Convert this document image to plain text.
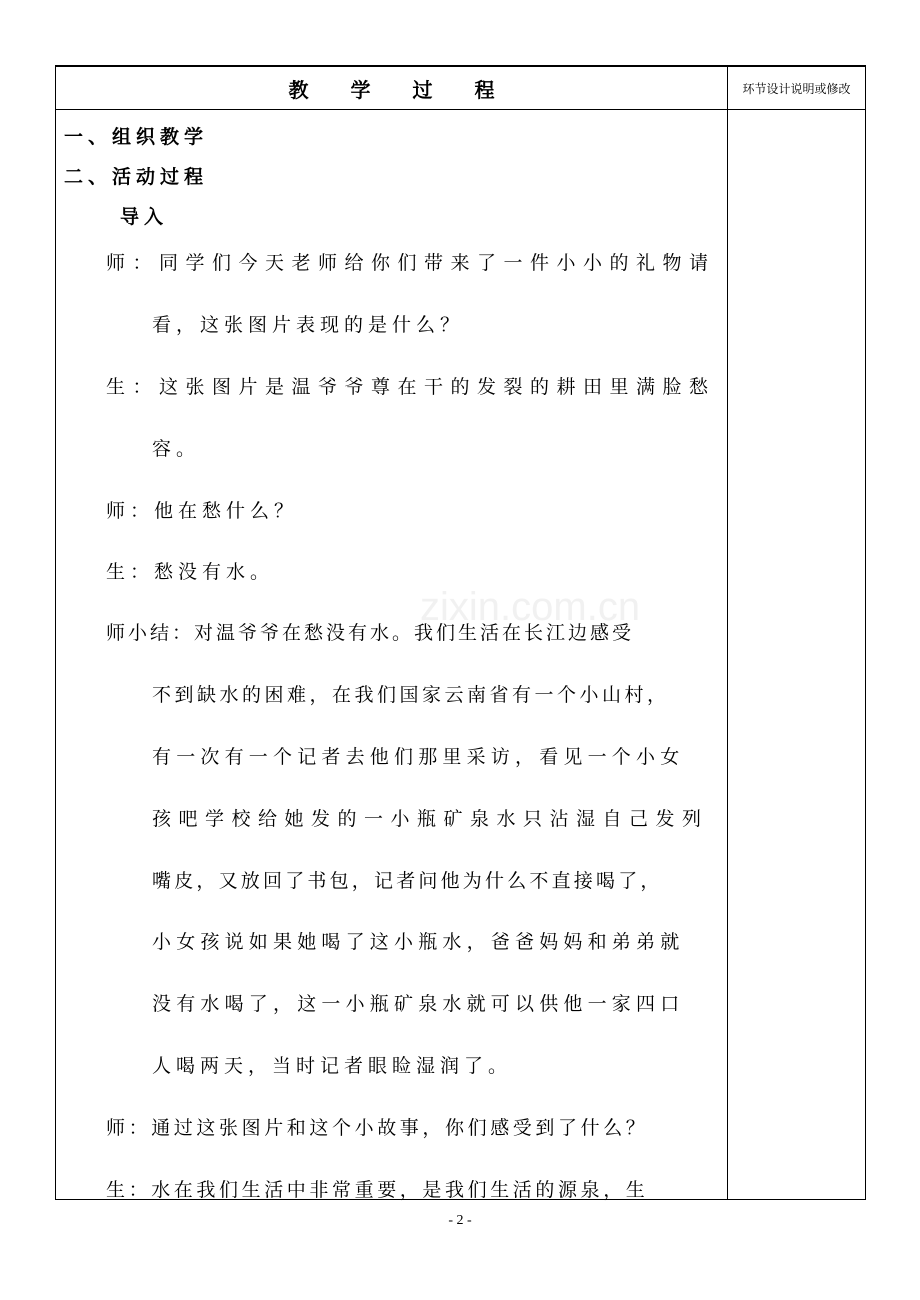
教学过程	环节设计说明或修改
一、组织教学
二、活动过程
导入
师：同学们今天老师给你们带来了一件小小的礼物请
看，这张图片表现的是什么？
生：这张图片是温爷爷尊在干的发裂的耕田里满脸愁
容。
师：他在愁什么？
生：愁没有水。
师小结：对温爷爷在愁没有水。我们生活在长江边感受
不到缺水的困难，在我们国家云南省有一个小山村，
有一次有一个记者去他们那里采访，看见一个小女
孩吧学校给她发的一小瓶矿泉水只沾湿自己发列
嘴皮，又放回了书包，记者问他为什么不直接喝了，
小女孩说如果她喝了这小瓶水，爸爸妈妈和弟弟就
没有水喝了，这一小瓶矿泉水就可以供他一家四口
人喝两天，当时记者眼睑湿润了。
师：通过这张图片和这个小故事，你们感受到了什么？
生：水在我们生活中非常重要，是我们生活的源泉，生
zixin.com.cn
- 2 -
